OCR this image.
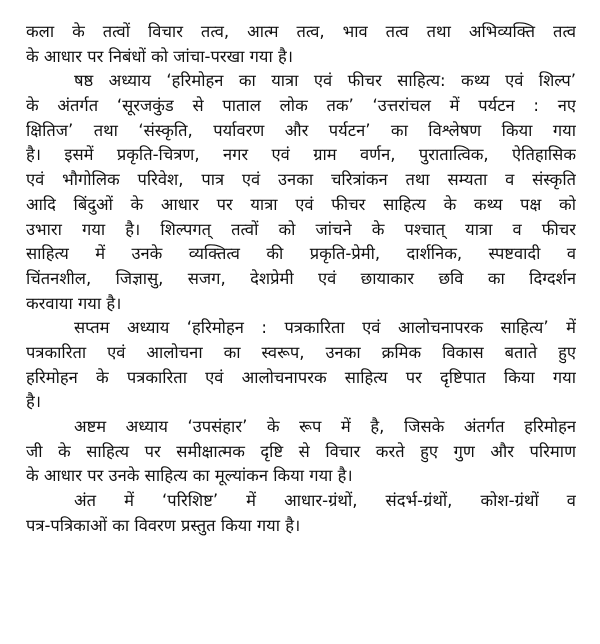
कला के तत्वों विचार तत्व, आत्म तत्व, भाव तत्व तथा अभिव्यक्ति तत्व
के आधार पर निबंधों को जांचा-परखा गया है।
षष्ठ अध्याय ‘हरिमोहन का यात्रा एवं फीचर साहित्य: कथ्य एवं शिल्प’
के अंतर्गत ‘सूरजकुंड से पाताल लोक तक’ ‘उत्तरांचल में पर्यटन : नए
क्षितिज’ तथा ‘संस्कृति, पर्यावरण और पर्यटन’ का विश्लेषण किया गया
है। इसमें प्रकृति-चित्रण, नगर एवं ग्राम वर्णन, पुरातात्विक, ऐतिहासिक
एवं भौगोलिक परिवेश, पात्र एवं उनका चरित्रांकन तथा सम्यता व संस्कृति
आदि बिंदुओं के आधार पर यात्रा एवं फीचर साहित्य के कथ्य पक्ष को
उभारा गया है। शिल्पगत् तत्वों को जांचने के पश्चात् यात्रा व फीचर
साहित्य में उनके व्यक्तित्व की प्रकृति-प्रेमी, दार्शनिक, स्पष्टवादी व
चिंतनशील, जिज्ञासु, सजग, देशप्रेमी एवं छायाकार छवि का दिग्दर्शन
करवाया गया है।
सप्तम अध्याय ‘हरिमोहन : पत्रकारिता एवं आलोचनापरक साहित्य’ में
पत्रकारिता एवं आलोचना का स्वरूप, उनका क्रमिक विकास बताते हुए
हरिमोहन के पत्रकारिता एवं आलोचनापरक साहित्य पर दृष्टिपात किया गया
है।
अष्टम अध्याय ‘उपसंहार’ के रूप में है, जिसके अंतर्गत हरिमोहन
जी के साहित्य पर समीक्षात्मक दृष्टि से विचार करते हुए गुण और परिमाण
के आधार पर उनके साहित्य का मूल्यांकन किया गया है।
अंत में ‘परिशिष्ट’ में आधार-ग्रंथों, संदर्भ-ग्रंथों, कोश-ग्रंथों व
पत्र-पत्रिकाओं का विवरण प्रस्तुत किया गया है।
